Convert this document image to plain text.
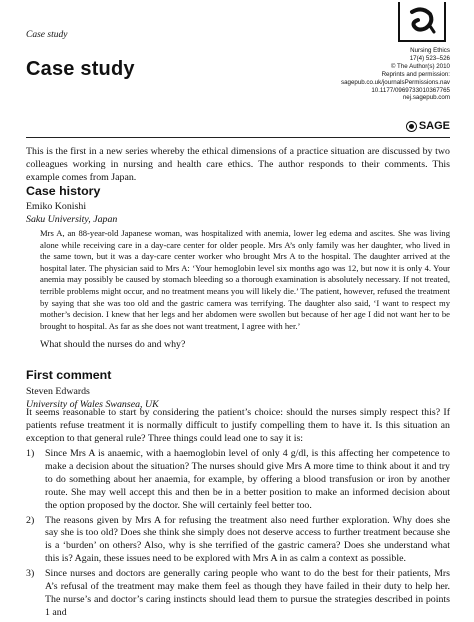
Case study
Case study
Nursing Ethics
17(4) 523–526
© The Author(s) 2010
Reprints and permission:
sagepub.co.uk/journalsPermissions.nav
10.1177/0969733010367765
nej.sagepub.com
SAGE
This is the first in a new series whereby the ethical dimensions of a practice situation are discussed by two colleagues working in nursing and health care ethics. The author responds to their comments. This example comes from Japan.
Case history
Emiko Konishi
Saku University, Japan
Mrs A, an 88-year-old Japanese woman, was hospitalized with anemia, lower leg edema and ascites. She was living alone while receiving care in a day-care center for older people. Mrs A’s only family was her daughter, who lived in the same town, but it was a day-care center worker who brought Mrs A to the hospital. The daughter arrived at the hospital later. The physician said to Mrs A: ‘Your hemoglobin level six months ago was 12, but now it is only 4. Your anemia may possibly be caused by stomach bleeding so a thorough examination is absolutely necessary. If not treated, terrible problems might occur, and no treatment means you will likely die.’ The patient, however, refused the treatment by saying that she was too old and the gastric camera was terrifying. The daughter also said, ‘I want to respect my mother’s decision. I knew that her legs and her abdomen were swollen but because of her age I did not want her to be brought to hospital. As far as she does not want treatment, I agree with her.’
What should the nurses do and why?
First comment
Steven Edwards
University of Wales Swansea, UK
It seems reasonable to start by considering the patient’s choice: should the nurses simply respect this? If patients refuse treatment it is normally difficult to justify compelling them to have it. Is this situation an exception to that general rule? Three things could lead one to say it is:
1)	Since Mrs A is anaemic, with a haemoglobin level of only 4 g/dl, is this affecting her competence to make a decision about the situation? The nurses should give Mrs A more time to think about it and try to do something about her anaemia, for example, by offering a blood transfusion or iron by another route. She may well accept this and then be in a better position to make an informed decision about the option proposed by the doctor. She will certainly feel better too.
2)	The reasons given by Mrs A for refusing the treatment also need further exploration. Why does she say she is too old? Does she think she simply does not deserve access to further treatment because she is a ‘burden’ on others? Also, why is she terrified of the gastric camera? Does she understand what this is? Again, these issues need to be explored with Mrs A in as calm a context as possible.
3)	Since nurses and doctors are generally caring people who want to do the best for their patients, Mrs A’s refusal of the treatment may make them feel as though they have failed in their duty to help her. The nurse’s and doctor’s caring instincts should lead them to pursue the strategies described in points 1 and
